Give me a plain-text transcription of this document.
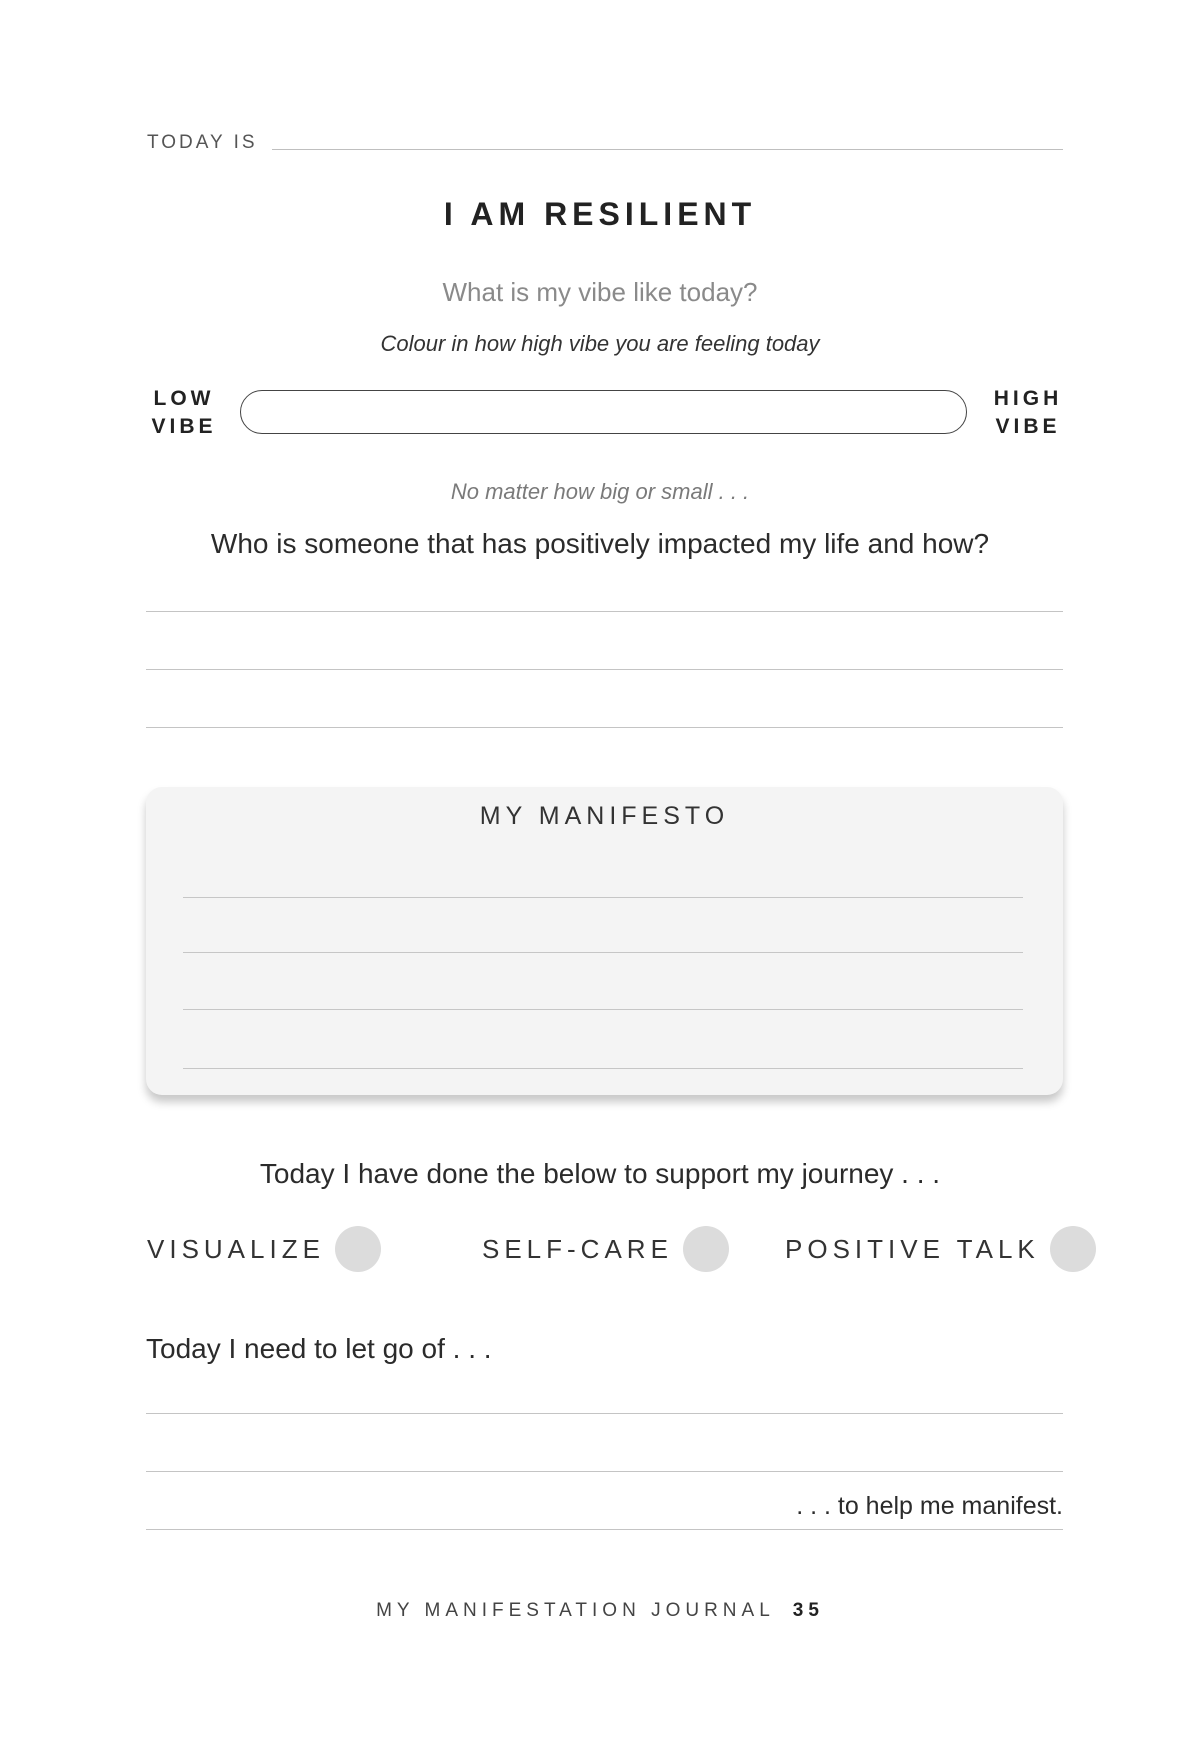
TODAY IS
I AM RESILIENT
What is my vibe like today?
Colour in how high vibe you are feeling today
LOW
VIBE
HIGH
VIBE
No matter how big or small . . .
Who is someone that has positively impacted my life and how?
MY MANIFESTO
Today I have done the below to support my journey . . .
VISUALIZE	SELF-CARE	POSITIVE TALK
Today I need to let go of . . .
. . . to help me manifest.
MY MANIFESTATION JOURNAL 35
